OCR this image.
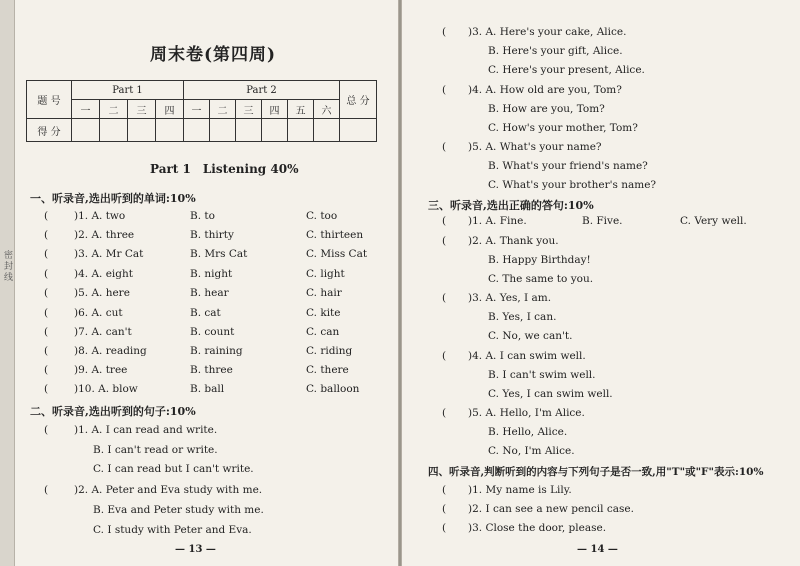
密封线
周末卷(第四周)
题 号	Part 1				Part 2						总 分
	一	二	三	四	一	二	三	四	五	六	
得 分											
Part 1　Listening 40%
一、听录音,选出听到的单词:10%
( )1. A. two	B. to	C. too
( )2. A. three	B. thirty	C. thirteen
( )3. A. Mr Cat	B. Mrs Cat	C. Miss Cat
( )4. A. eight	B. night	C. light
( )5. A. here	B. hear	C. hair
( )6. A. cut	B. cat	C. kite
( )7. A. can't	B. count	C. can
( )8. A. reading	B. raining	C. riding
( )9. A. tree	B. three	C. there
( )10. A. blow	B. ball	C. balloon
二、听录音,选出听到的句子:10%
( )1. A. I can read and write.
B. I can't read or write.
C. I can read but I can't write.
( )2. A. Peter and Eva study with me.
B. Eva and Peter study with me.
C. I study with Peter and Eva.
— 13 —
( )3. A. Here's your cake, Alice.
B. Here's your gift, Alice.
C. Here's your present, Alice.
( )4. A. How old are you, Tom?
B. How are you, Tom?
C. How's your mother, Tom?
( )5. A. What's your name?
B. What's your friend's name?
C. What's your brother's name?
三、听录音,选出正确的答句:10%
( )1. A. Fine.	B. Five.	C. Very well.
( )2. A. Thank you.
B. Happy Birthday!
C. The same to you.
( )3. A. Yes, I am.
B. Yes, I can.
C. No, we can't.
( )4. A. I can swim well.
B. I can't swim well.
C. Yes, I can swim well.
( )5. A. Hello, I'm Alice.
B. Hello, Alice.
C. No, I'm Alice.
四、听录音,判断听到的内容与下列句子是否一致,用"T"或"F"表示:10%
( )1. My name is Lily.
( )2. I can see a new pencil case.
( )3. Close the door, please.
— 14 —
